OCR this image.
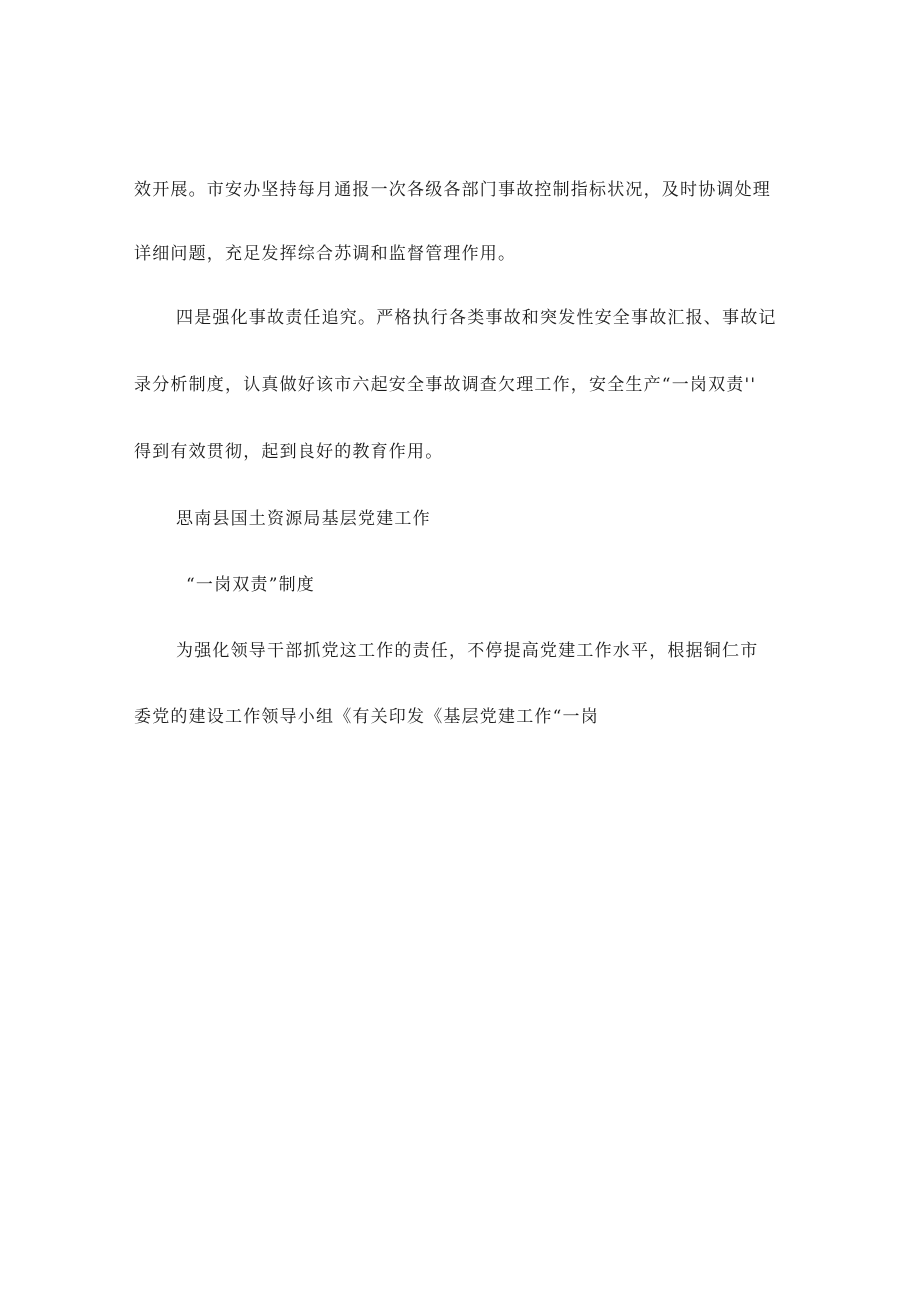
效开展。市安办坚持每月通报一次各级各部门事故控制指标状况，及时协调处理
详细问题，充足发挥综合苏调和监督管理作用。
四是强化事故责任追究。严格执行各类事故和突发性安全事故汇报、事故记
录分析制度，认真做好该市六起安全事故调查欠理工作，安全生产“一岗双责''
得到有效贯彻，起到良好的教育作用。
思南县国土资源局基层党建工作
“一岗双责”制度
为强化领导干部抓党这工作的责任，不停提高党建工作水平，根据铜仁市
委党的建设工作领导小组《有关印发《基层党建工作“一岗
